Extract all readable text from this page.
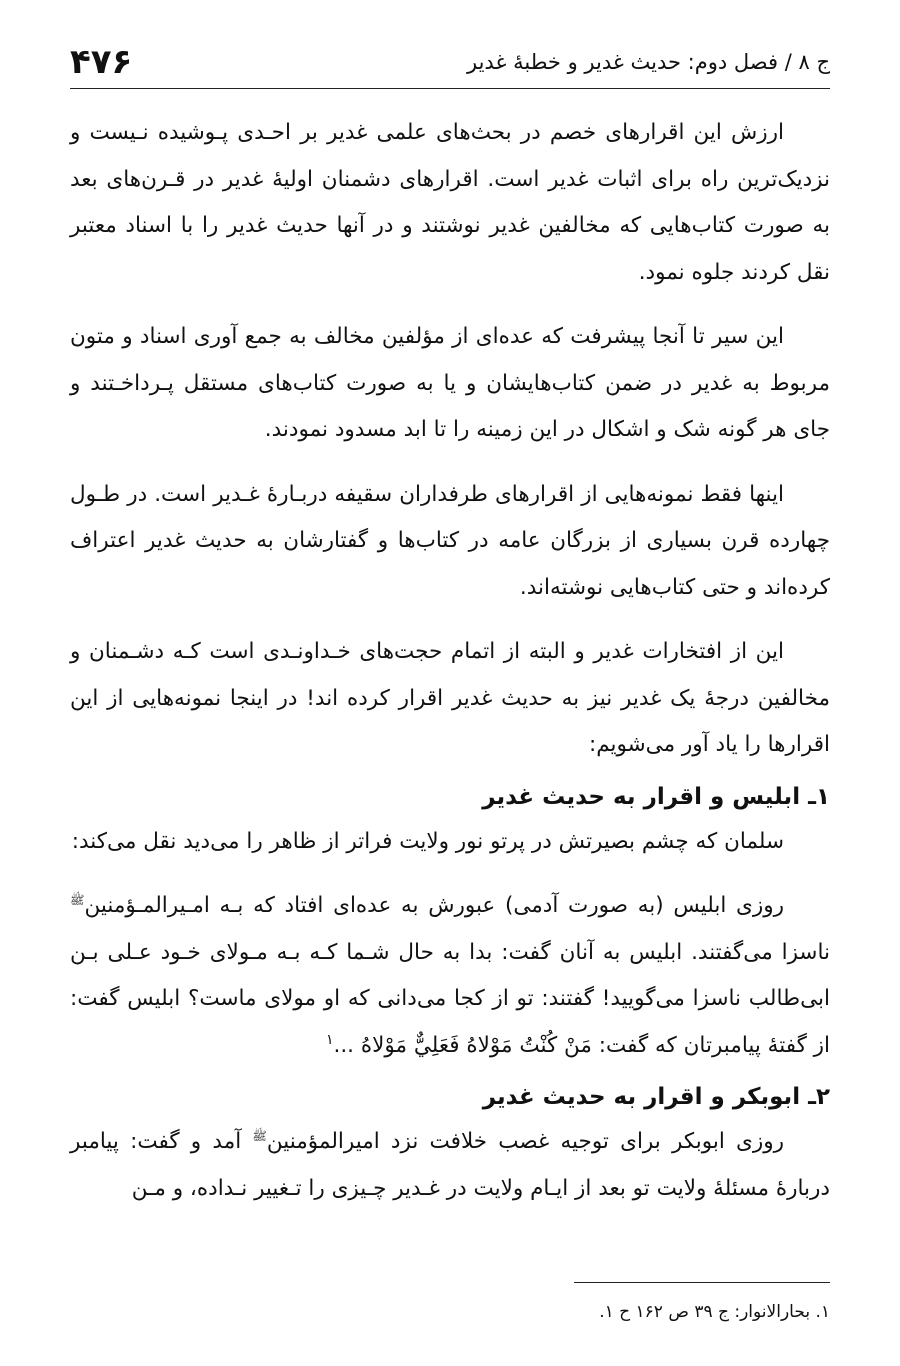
ج ۸ / فصل دوم: حدیث غدیر و خطبهٔ غدیر
۴۷۶

ارزش این اقرارهای خصم در بحث‌های علمی غدیر بر احـدی پـوشیده نـیست و نزدیک‌ترین راه برای اثبات غدیر است. اقرارهای دشمنان اولیهٔ غدیر در قـرن‌های بعد به صورت کتاب‌هایی که مخالفین غدیر نوشتند و در آنها حدیث غدیر را با اسناد معتبر نقل کردند جلوه نمود.

این سیر تا آنجا پیشرفت که عده‌ای از مؤلفین مخالف به جمع آوری اسناد و متون مربوط به غدیر در ضمن کتاب‌هایشان و یا به صورت کتاب‌های مستقل پـرداخـتند و جای هر گونه شک و اشکال در این زمینه را تا ابد مسدود نمودند.

اینها فقط نمونه‌هایی از اقرارهای طرفداران سقیفه دربـارهٔ غـدیر است. در طـول چهارده قرن بسیاری از بزرگان عامه در کتاب‌ها و گفتارشان به حدیث غدیر اعتراف کرده‌اند و حتی کتاب‌هایی نوشته‌اند.

این از افتخارات غدیر و البته از اتمام حجت‌های خـداونـدی است کـه دشـمنان و مخالفین درجهٔ یک غدیر نیز به حدیث غدیر اقرار کرده اند! در اینجا نمونه‌هایی از این اقرارها را یاد آور می‌شویم:

۱ـ ابلیس و اقرار به حدیث غدیر

سلمان که چشم بصیرتش در پرتو نور ولایت فراتر از ظاهر را می‌دید نقل می‌کند:

روزی ابلیس (به صورت آدمی) عبورش به عده‌ای افتاد که بـه امـیرالمـؤمنین$^ﷺ$ ناسزا می‌گفتند. ابلیس به آنان گفت: بدا به حال شـما کـه بـه مـولای خـود عـلی بـن ابی‌طالب ناسزا می‌گویید! گفتند: تو از کجا می‌دانی که او مولای ماست؟ ابلیس گفت: از گفتهٔ پیامبرتان که گفت: مَنْ كُنْتُ مَوْلاهُ فَعَلِيٌّ مَوْلاهُ ...$^۱$

۲ـ ابوبکر و اقرار به حدیث غدیر

روزی ابوبکر برای توجیه غصب خلافت نزد امیرالمؤمنین$^ﷺ$ آمد و گفت: پیامبر دربارهٔ مسئلهٔ ولایت تو بعد از ایـام ولایت در غـدیر چـیزی را تـغییر نـداده، و مـن

۱. بحارالانوار: ج ۳۹ ص ۱۶۲ ح ۱.
